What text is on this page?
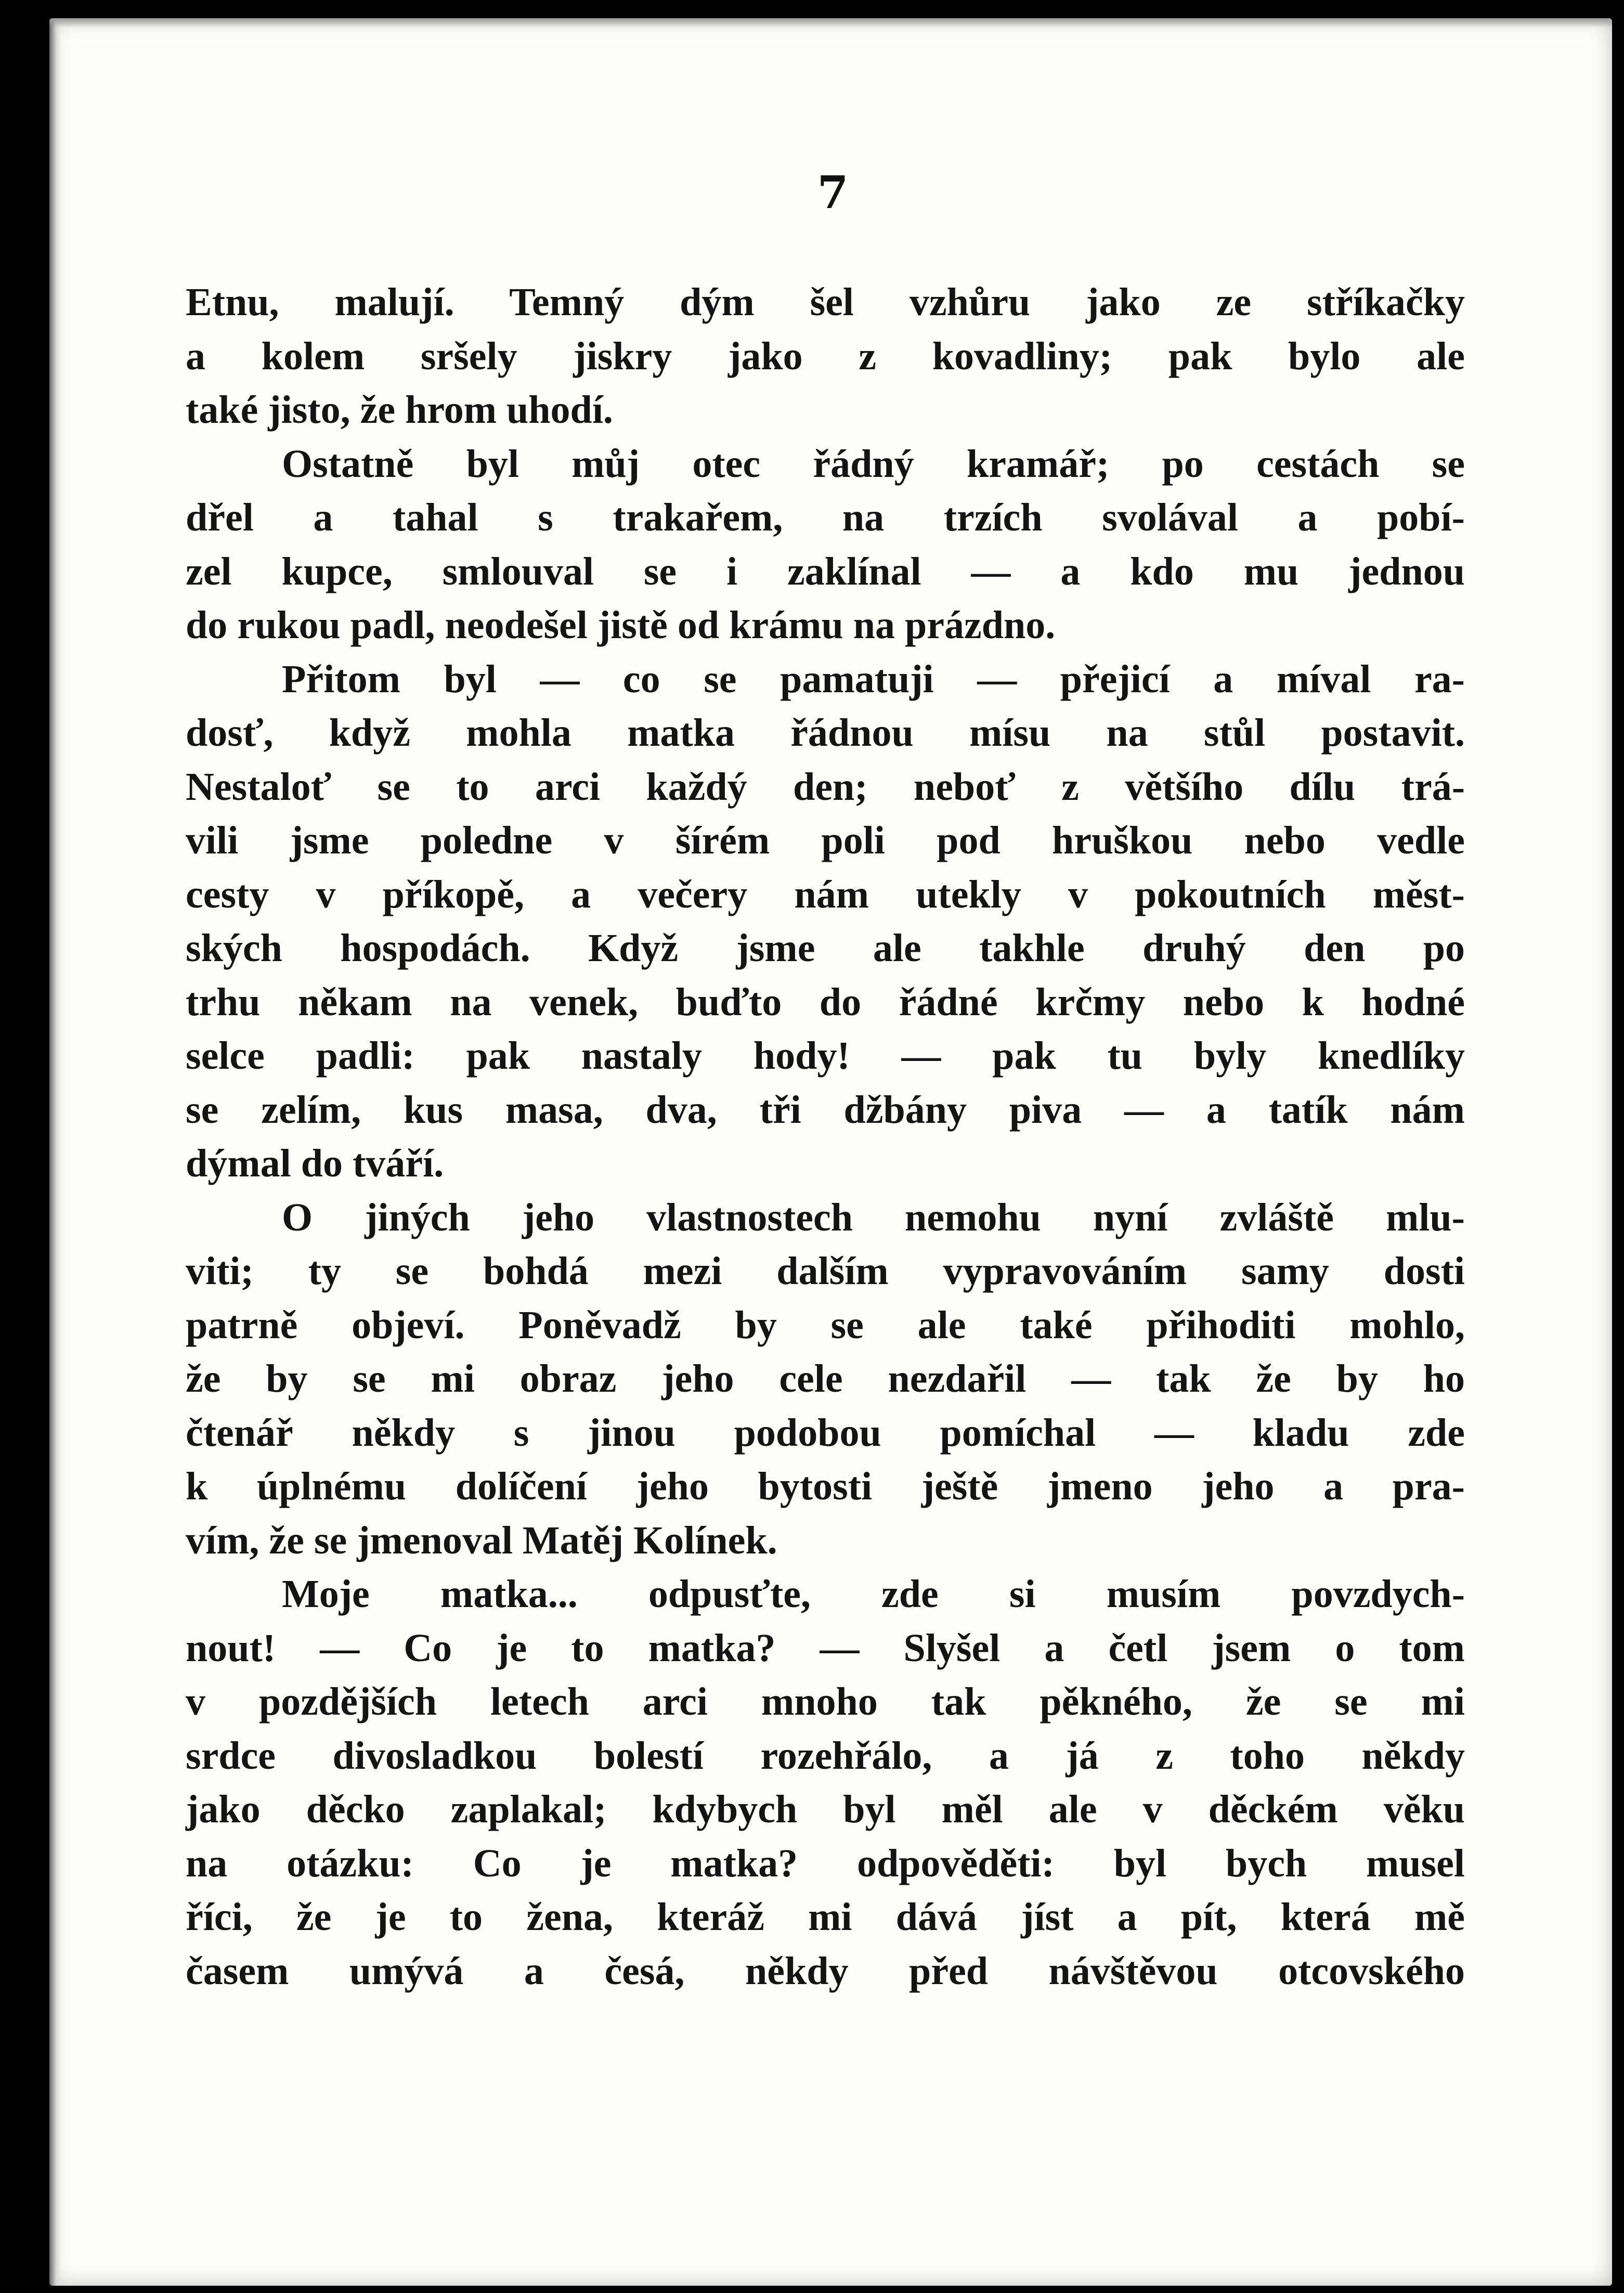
7
Etnu, malují. Temný dým šel vzhůru jako ze stříkačky
a kolem sršely jiskry jako z kovadliny; pak bylo ale
také jisto, že hrom uhodí.
Ostatně byl můj otec řádný kramář; po cestách se
dřel a tahal s trakařem, na trzích svolával a pobí-
zel kupce, smlouval se i zaklínal — a kdo mu jednou
do rukou padl, neodešel jistě od krámu na prázdno.
Přitom byl — co se pamatuji — přejicí a míval ra-
dosť, když mohla matka řádnou mísu na stůl postavit.
Nestaloť se to arci každý den; neboť z většího dílu trá-
vili jsme poledne v šírém poli pod hruškou nebo vedle
cesty v příkopě, a večery nám utekly v pokoutních měst-
ských hospodách. Když jsme ale takhle druhý den po
trhu někam na venek, buďto do řádné krčmy nebo k hodné
selce padli: pak nastaly hody! — pak tu byly knedlíky
se zelím, kus masa, dva, tři džbány piva — a tatík nám
dýmal do tváří.
O jiných jeho vlastnostech nemohu nyní zvláště mlu-
viti; ty se bohdá mezi dalším vypravováním samy dosti
patrně objeví. Poněvadž by se ale také přihoditi mohlo,
že by se mi obraz jeho cele nezdařil — tak že by ho
čtenář někdy s jinou podobou pomíchal — kladu zde
k úplnému dolíčení jeho bytosti ještě jmeno jeho a pra-
vím, že se jmenoval Matěj Kolínek.
Moje matka... odpusťte, zde si musím povzdych-
nout! — Co je to matka? — Slyšel a četl jsem o tom
v pozdějších letech arci mnoho tak pěkného, že se mi
srdce divosladkou bolestí rozehřálo, a já z toho někdy
jako děcko zaplakal; kdybych byl měl ale v děckém věku
na otázku: Co je matka? odpověděti: byl bych musel
říci, že je to žena, kteráž mi dává jíst a pít, která mě
časem umývá a česá, někdy před návštěvou otcovského
